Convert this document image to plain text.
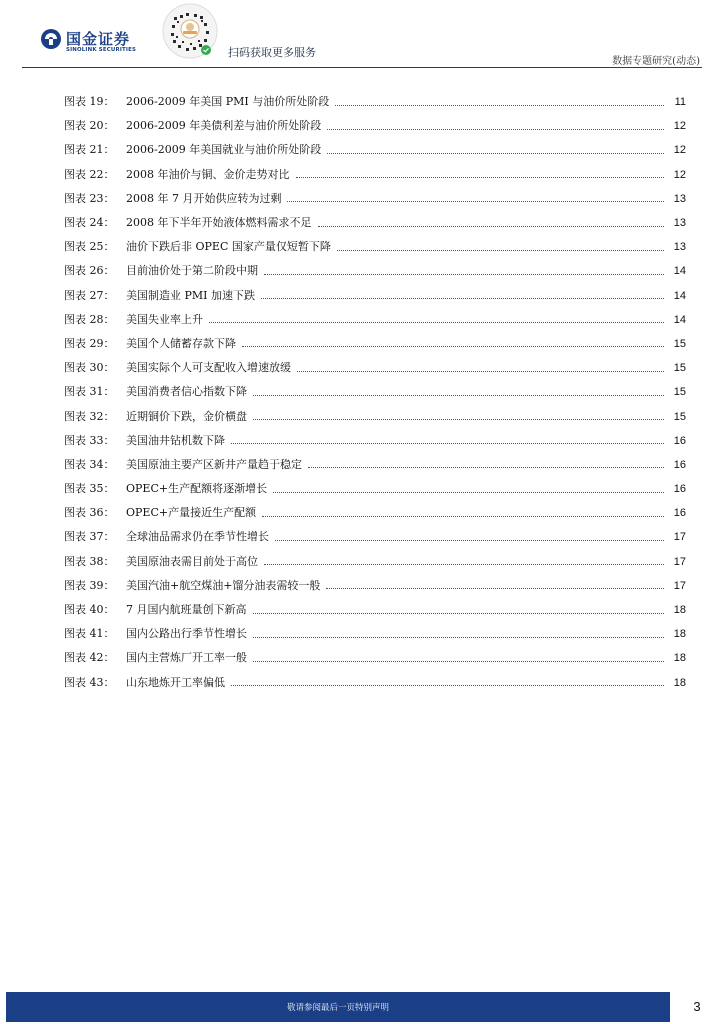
国金证券
SINOLINK SECURITIES	扫码获取更多服务
数据专题研究(动态)
图表 19：	2006-2009 年美国 PMI 与油价所处阶段	11
图表 20：	2006-2009 年美债利差与油价所处阶段	12
图表 21：	2006-2009 年美国就业与油价所处阶段	12
图表 22：	2008 年油价与铜、金价走势对比	12
图表 23：	2008 年 7 月开始供应转为过剩	13
图表 24：	2008 年下半年开始液体燃料需求不足	13
图表 25：	油价下跌后非 OPEC 国家产量仅短暂下降	13
图表 26：	目前油价处于第二阶段中期	14
图表 27：	美国制造业 PMI 加速下跌	14
图表 28：	美国失业率上升	14
图表 29：	美国个人储蓄存款下降	15
图表 30：	美国实际个人可支配收入增速放缓	15
图表 31：	美国消费者信心指数下降	15
图表 32：	近期铜价下跌，金价横盘	15
图表 33：	美国油井钻机数下降	16
图表 34：	美国原油主要产区新井产量趋于稳定	16
图表 35：	OPEC+生产配额将逐渐增长	16
图表 36：	OPEC+产量接近生产配额	16
图表 37：	全球油品需求仍在季节性增长	17
图表 38：	美国原油表需目前处于高位	17
图表 39：	美国汽油+航空煤油+馏分油表需较一般	17
图表 40：	7 月国内航班量创下新高	18
图表 41：	国内公路出行季节性增长	18
图表 42：	国内主营炼厂开工率一般	18
图表 43：	山东地炼开工率偏低	18
敬请参阅最后一页特别声明	3
